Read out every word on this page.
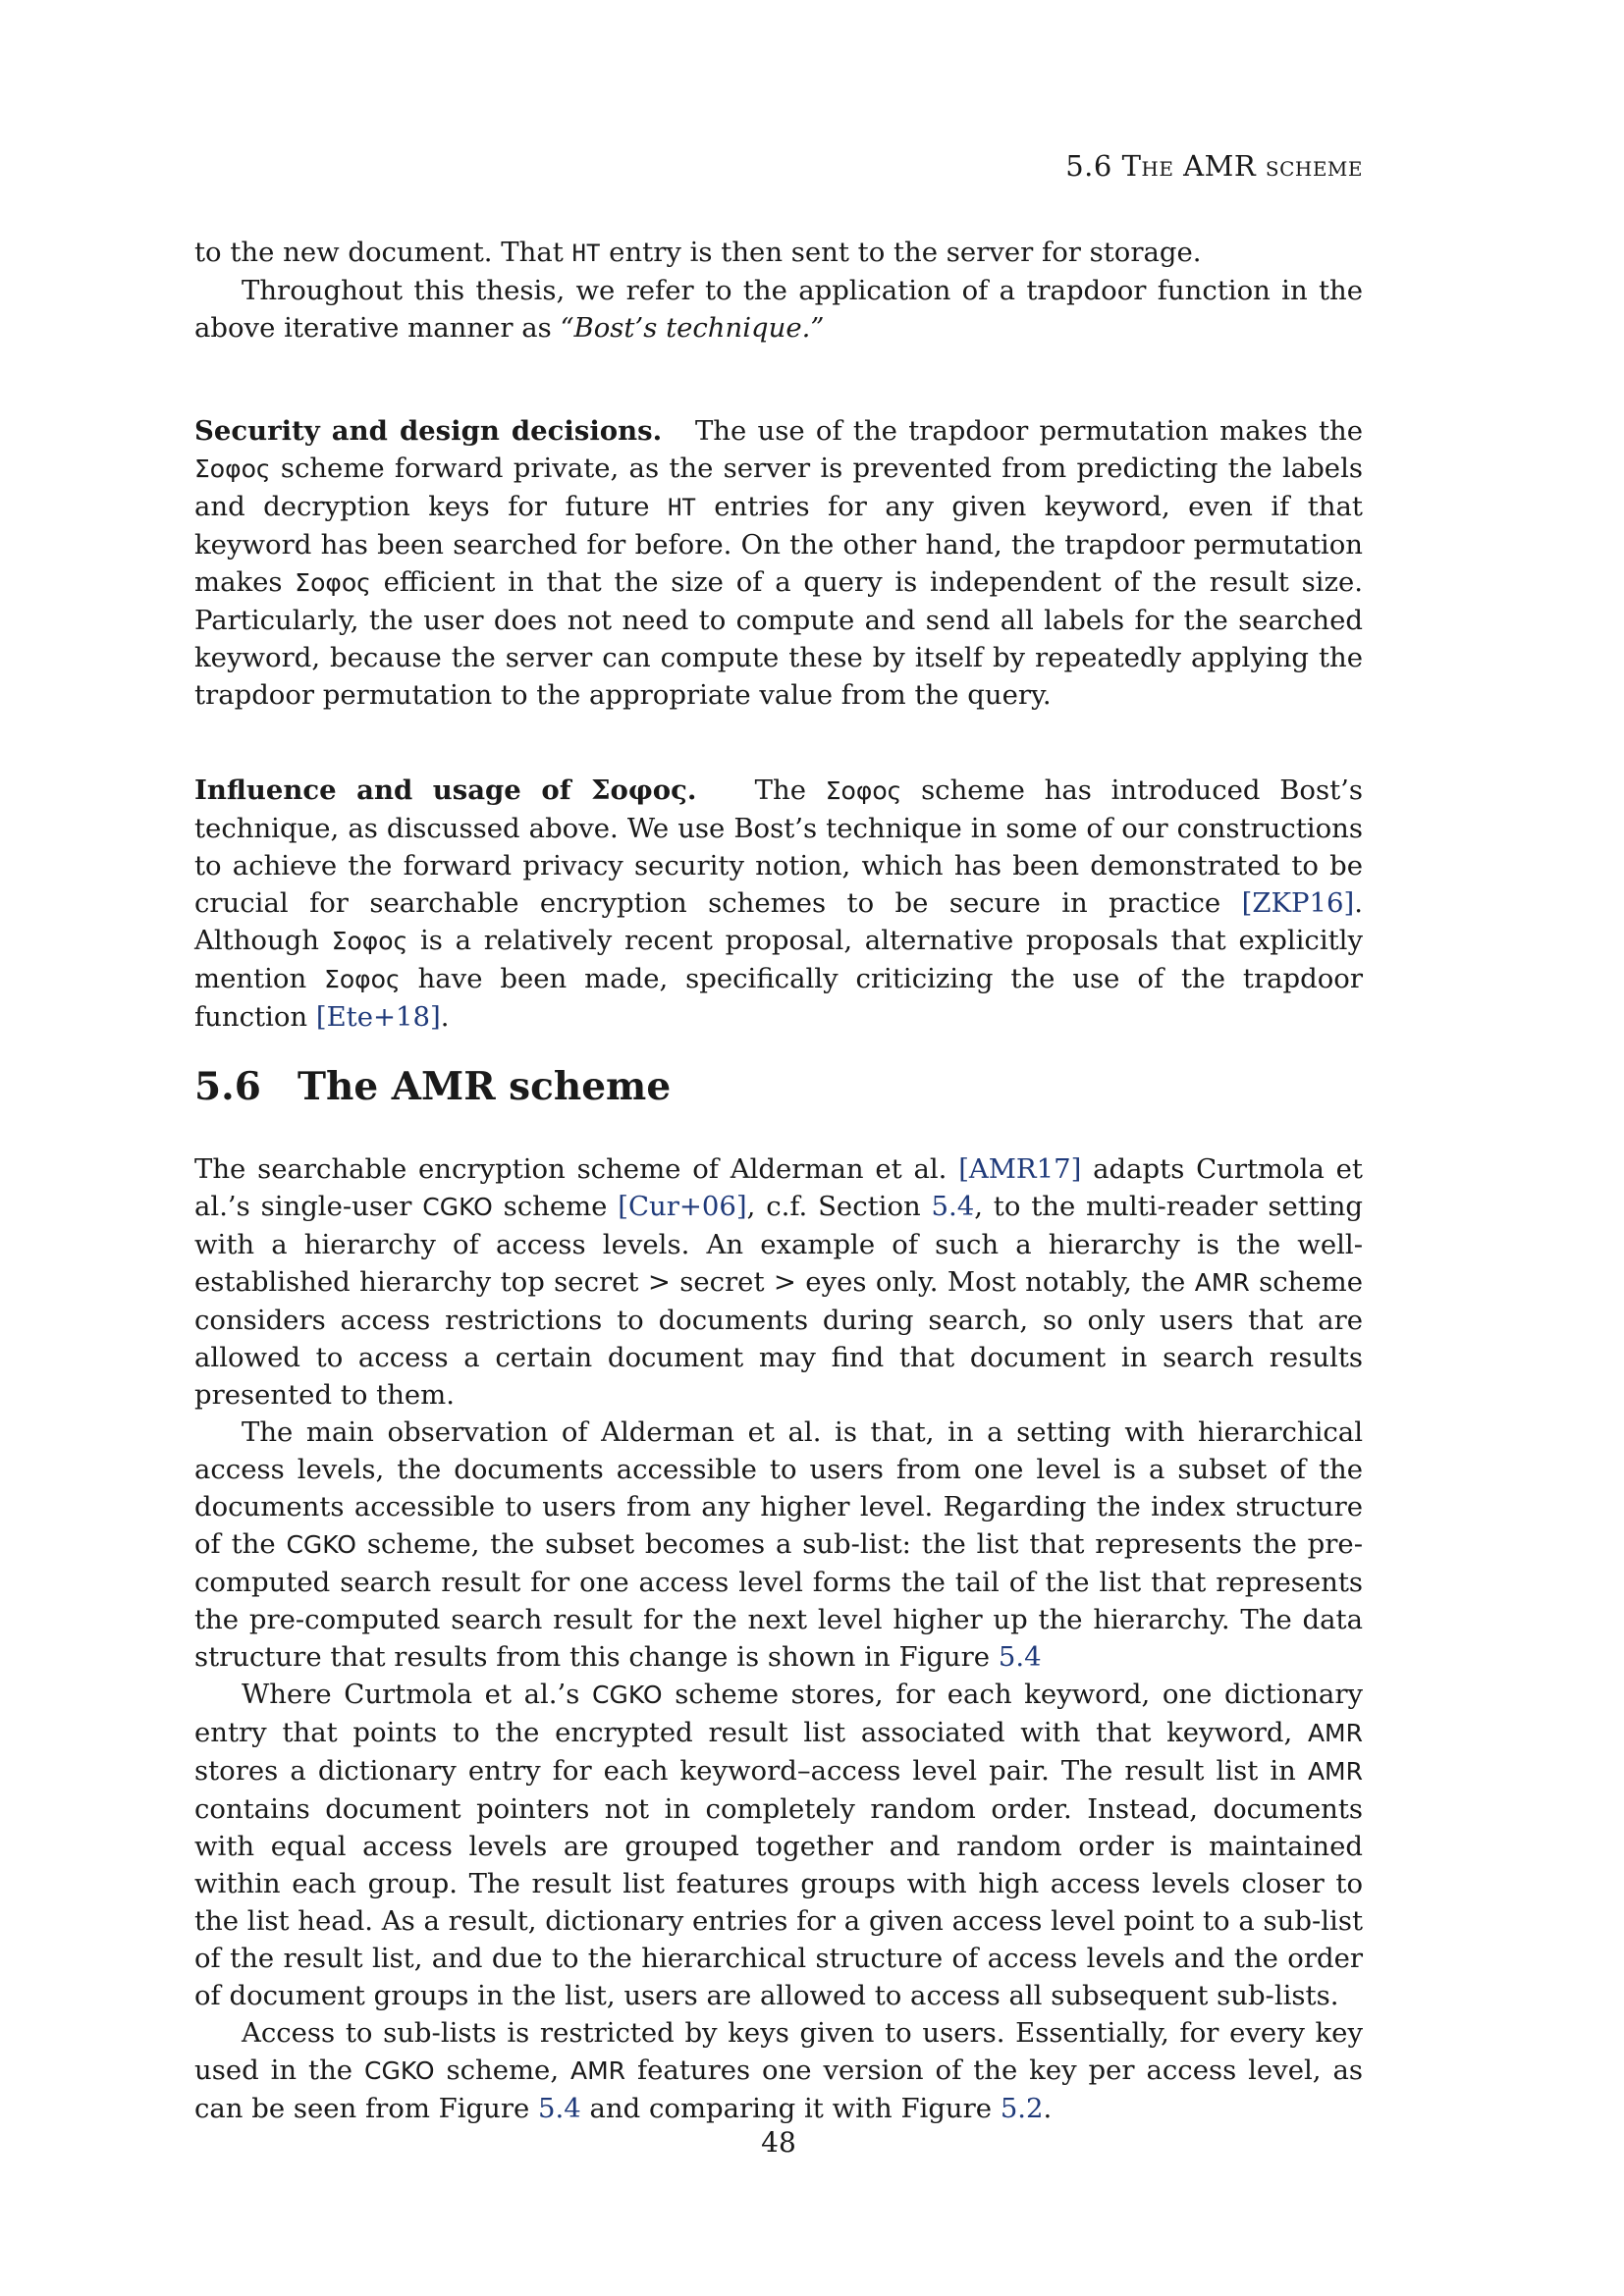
5.6 The AMR scheme

to the new document. That HT entry is then sent to the server for storage.

Throughout this thesis, we refer to the application of a trapdoor function in the above iterative manner as “Bost’s technique.”

Security and design decisions. The use of the trapdoor permutation makes the Σοφος scheme forward private, as the server is prevented from predicting the labels and decryption keys for future HT entries for any given keyword, even if that keyword has been searched for before. On the other hand, the trapdoor permutation makes Σοφος efficient in that the size of a query is independent of the result size. Particularly, the user does not need to compute and send all labels for the searched keyword, because the server can compute these by itself by repeatedly applying the trapdoor permutation to the appropriate value from the query.

Influence and usage of Σοφος. The Σοφος scheme has introduced Bost’s technique, as discussed above. We use Bost’s technique in some of our constructions to achieve the forward privacy security notion, which has been demonstrated to be crucial for searchable encryption schemes to be secure in practice [ZKP16]. Although Σοφος is a relatively recent proposal, alternative proposals that explicitly mention Σοφος have been made, specifically criticizing the use of the trapdoor function [Ete+18].

5.6 The AMR scheme

The searchable encryption scheme of Alderman et al. [AMR17] adapts Curtmola et al.’s single-user CGKO scheme [Cur+06], c.f. Section 5.4, to the multi-reader setting with a hierarchy of access levels. An example of such a hierarchy is the well-established hierarchy top secret > secret > eyes only. Most notably, the AMR scheme considers access restrictions to documents during search, so only users that are allowed to access a certain document may find that document in search results presented to them.

The main observation of Alderman et al. is that, in a setting with hierarchical access levels, the documents accessible to users from one level is a subset of the documents accessible to users from any higher level. Regarding the index structure of the CGKO scheme, the subset becomes a sub-list: the list that represents the pre-computed search result for one access level forms the tail of the list that represents the pre-computed search result for the next level higher up the hierarchy. The data structure that results from this change is shown in Figure 5.4

Where Curtmola et al.’s CGKO scheme stores, for each keyword, one dictionary entry that points to the encrypted result list associated with that keyword, AMR stores a dictionary entry for each keyword–access level pair. The result list in AMR contains document pointers not in completely random order. Instead, documents with equal access levels are grouped together and random order is maintained within each group. The result list features groups with high access levels closer to the list head. As a result, dictionary entries for a given access level point to a sub-list of the result list, and due to the hierarchical structure of access levels and the order of document groups in the list, users are allowed to access all subsequent sub-lists.

Access to sub-lists is restricted by keys given to users. Essentially, for every key used in the CGKO scheme, AMR features one version of the key per access level, as can be seen from Figure 5.4 and comparing it with Figure 5.2.

48
